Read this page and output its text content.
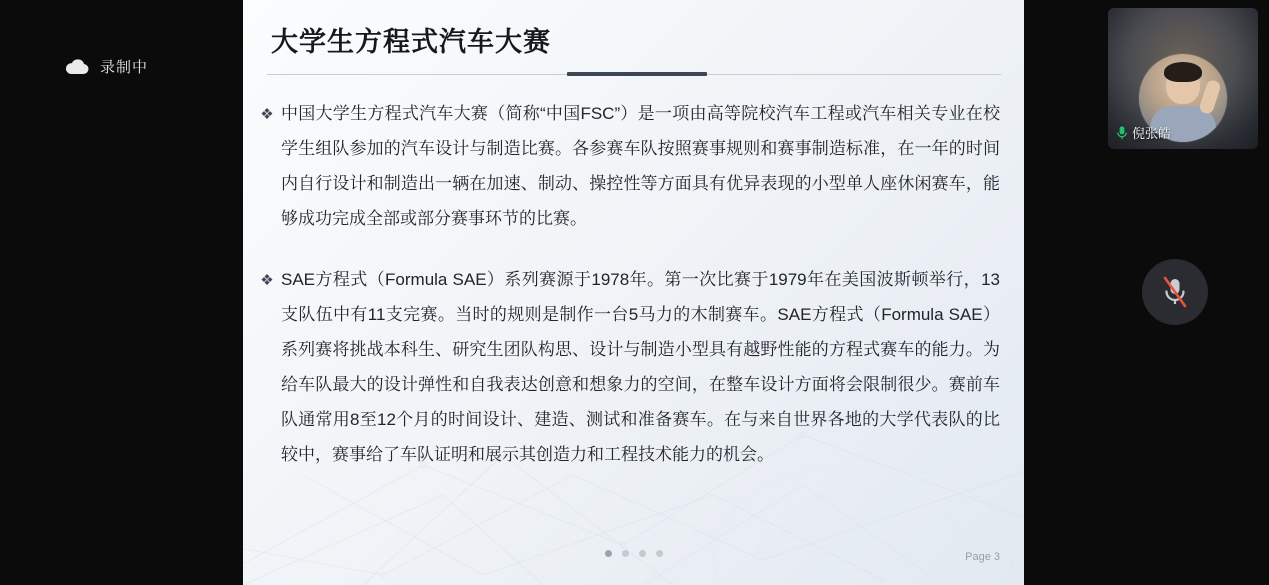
录制中
大学生方程式汽车大赛
❖ 中国大学生方程式汽车大赛（简称“中国FSC”）是一项由高等院校汽车工程或汽车相关专业在校学生组队参加的汽车设计与制造比赛。各参赛车队按照赛事规则和赛事制造标准，在一年的时间内自行设计和制造出一辆在加速、制动、操控性等方面具有优异表现的小型单人座休闲赛车，能够成功完成全部或部分赛事环节的比赛。
❖ SAE方程式（Formula SAE）系列赛源于1978年。第一次比赛于1979年在美国波斯顿举行，13支队伍中有11支完赛。当时的规则是制作一台5马力的木制赛车。SAE方程式（Formula SAE）系列赛将挑战本科生、研究生团队构思、设计与制造小型具有越野性能的方程式赛车的能力。为给车队最大的设计弹性和自我表达创意和想象力的空间，在整车设计方面将会限制很少。赛前车队通常用8至12个月的时间设计、建造、测试和准备赛车。在与来自世界各地的大学代表队的比较中，赛事给了车队证明和展示其创造力和工程技术能力的机会。
Page 3
倪张皓
